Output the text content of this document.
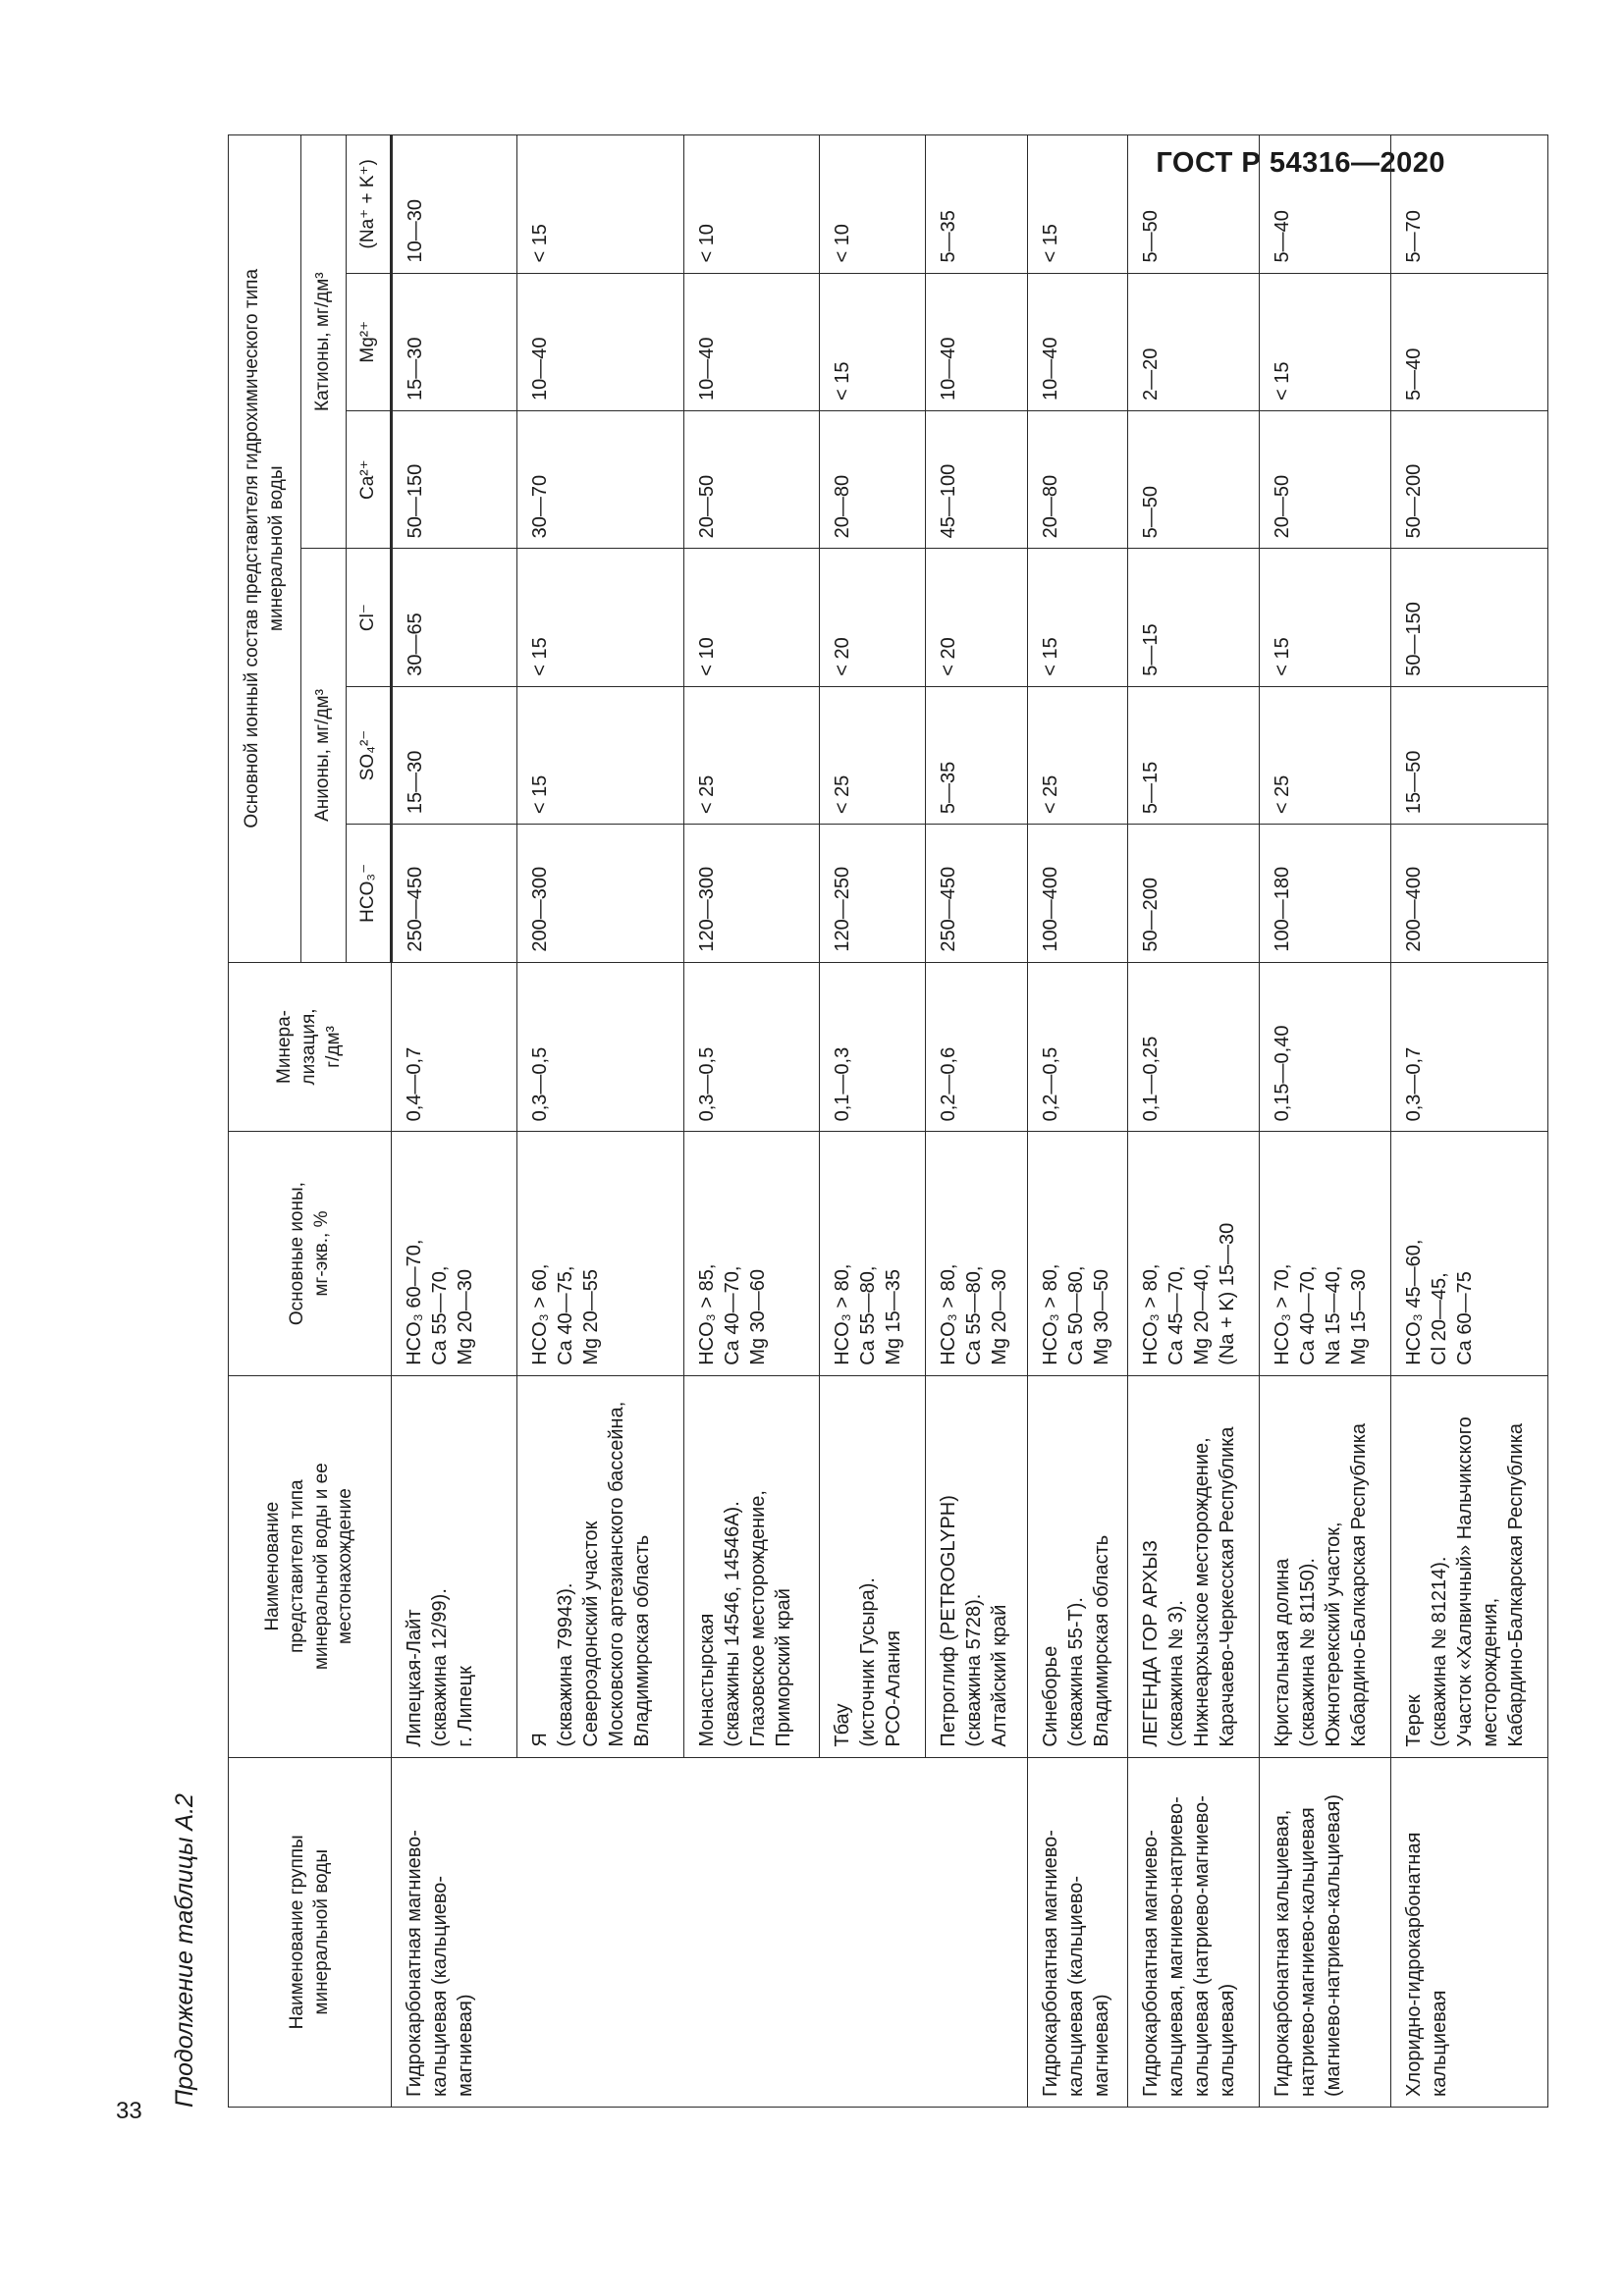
ГОСТ Р 54316—2020
33
Продолжение таблицы А.2	Наименование группы
минеральной воды	Наименование
представителя типа
минеральной воды и ее местонахождение	Основные ионы,
мг-экв., %	Минера-
лизация,
г/дм³	Основной ионный состав представителя гидрохимического типа
минеральной воды					
				Анионы, мг/дм³			Катионы, мг/дм³		
				HCO₃⁻	SO₄²⁻	Cl⁻	Ca²⁺	Mg²⁺	(Na⁺ + K⁺)
Гидрокарбонатная магниево-
кальциевая (кальциево-
магниевая)	Липецкая-Лайт
(скважина 12/99).
г. Липецк	HCO₃ 60—70,
Ca 55—70,
Mg 20—30	0,4—0,7	250—450	15—30	30—65	50—150	15—30	10—30
	Я
(скважина 79943).
Североэдонский участок
Московского артезианского бассейна,
Владимирская область	HCO₃ > 60,
Ca 40—75,
Mg 20—55	0,3—0,5	200—300	< 15	< 15	30—70	10—40	< 15
	Монастырская
(скважины 14546, 14546А).
Глазовское месторождение,
Приморский край	HCO₃ > 85,
Ca 40—70,
Mg 30—60	0,3—0,5	120—300	< 25	< 10	20—50	10—40	< 10
	Тбау
(источник Гусыра).
РСО-Алания	HCO₃ > 80,
Ca 55—80,
Mg 15—35	0,1—0,3	120—250	< 25	< 20	20—80	< 15	< 10
	Петроглиф (PETROGLYPH)
(скважина 5728).
Алтайский край	HCO₃ > 80,
Ca 55—80,
Mg 20—30	0,2—0,6	250—450	5—35	< 20	45—100	10—40	5—35
Гидрокарбонатная магниево-
кальциевая (кальциево-
магниевая)	Синеборье
(скважина 55-Т).
Владимирская область	HCO₃ > 80,
Ca 50—80,
Mg 30—50	0,2—0,5	100—400	< 25	< 15	20—80	10—40	< 15
Гидрокарбонатная магниево-
кальциевая, магниево-натриево-
кальциевая (натриево-магниево-
кальциевая)	ЛЕГЕНДА ГОР АРХЫЗ
(скважина № 3).
Нижнеархызское месторождение,
Карачаево-Черкесская Республика	HCO₃ > 80,
Ca 45—70,
Mg 20—40,
(Na + K) 15—30	0,1—0,25	50—200	5—15	5—15	5—50	2—20	5—50
Гидрокарбонатная кальциевая,
натриево-магниево-кальциевая
(магниево-натриево-кальциевая)	Кристальная долина
(скважина № 81150).
Южнотерекский участок,
Кабардино-Балкарская Республика	HCO₃ > 70,
Ca 40—70,
Na 15—40,
Mg 15—30	0,15—0,40	100—180	< 25	< 15	20—50	< 15	5—40
Хлоридно-гидрокарбонатная
кальциевая	Терек
(скважина № 81214).
Участок «Халвичный» Нальчикского
месторождения,
Кабардино-Балкарская Республика	HCO₃ 45—60,
Cl 20—45,
Ca 60—75	0,3—0,7	200—400	15—50	50—150	50—200	5—40	5—70
